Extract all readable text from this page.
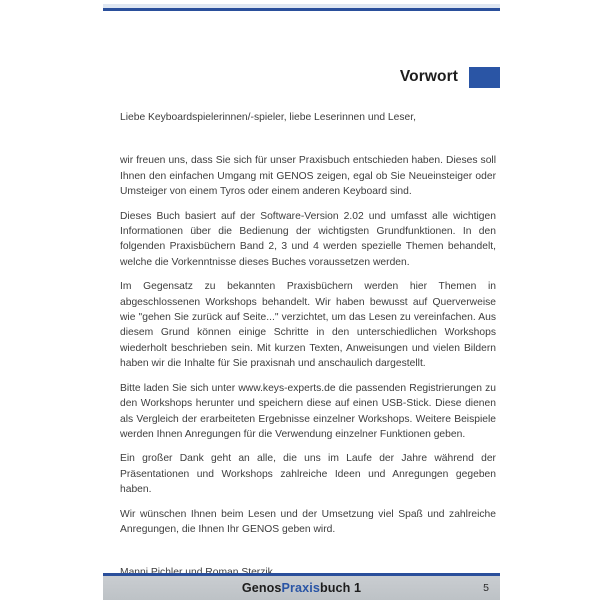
Vorwort

Liebe Keyboardspielerinnen/-spieler, liebe Leserinnen und Leser,

wir freuen uns, dass Sie sich für unser Praxisbuch entschieden haben. Dieses soll Ihnen den einfachen Umgang mit GENOS zeigen, egal ob Sie Neueinsteiger oder Umsteiger von einem Tyros oder einem anderen Keyboard sind.

Dieses Buch basiert auf der Software-Version 2.02 und umfasst alle wichtigen Informationen über die Bedienung der wichtigsten Grundfunktionen. In den folgenden Praxisbüchern Band 2, 3 und 4 werden spezielle Themen behandelt, welche die Vorkenntnisse dieses Buches voraussetzen werden.

Im Gegensatz zu bekannten Praxisbüchern werden hier Themen in abgeschlossenen Workshops behandelt. Wir haben bewusst auf Querverweise wie "gehen Sie zurück auf Seite..." verzichtet, um das Lesen zu vereinfachen. Aus diesem Grund können einige Schritte in den unterschiedlichen Workshops wiederholt beschrieben sein. Mit kurzen Texten, Anweisungen und vielen Bildern haben wir die Inhalte für Sie praxisnah und anschaulich dargestellt.

Bitte laden Sie sich unter www.keys-experts.de die passenden Registrierungen zu den Workshops herunter und speichern diese auf einen USB-Stick. Diese dienen als Vergleich der erarbeiteten Ergebnisse einzelner Workshops. Weitere Beispiele werden Ihnen Anregungen für die Verwendung einzelner Funktionen geben.

Ein großer Dank geht an alle, die uns im Laufe der Jahre während der Präsentationen und Workshops zahlreiche Ideen und Anregungen gegeben haben.

Wir wünschen Ihnen beim Lesen und der Umsetzung viel Spaß und zahlreiche Anregungen, die Ihnen Ihr GENOS geben wird.

Genos Praxis buch 1	5
